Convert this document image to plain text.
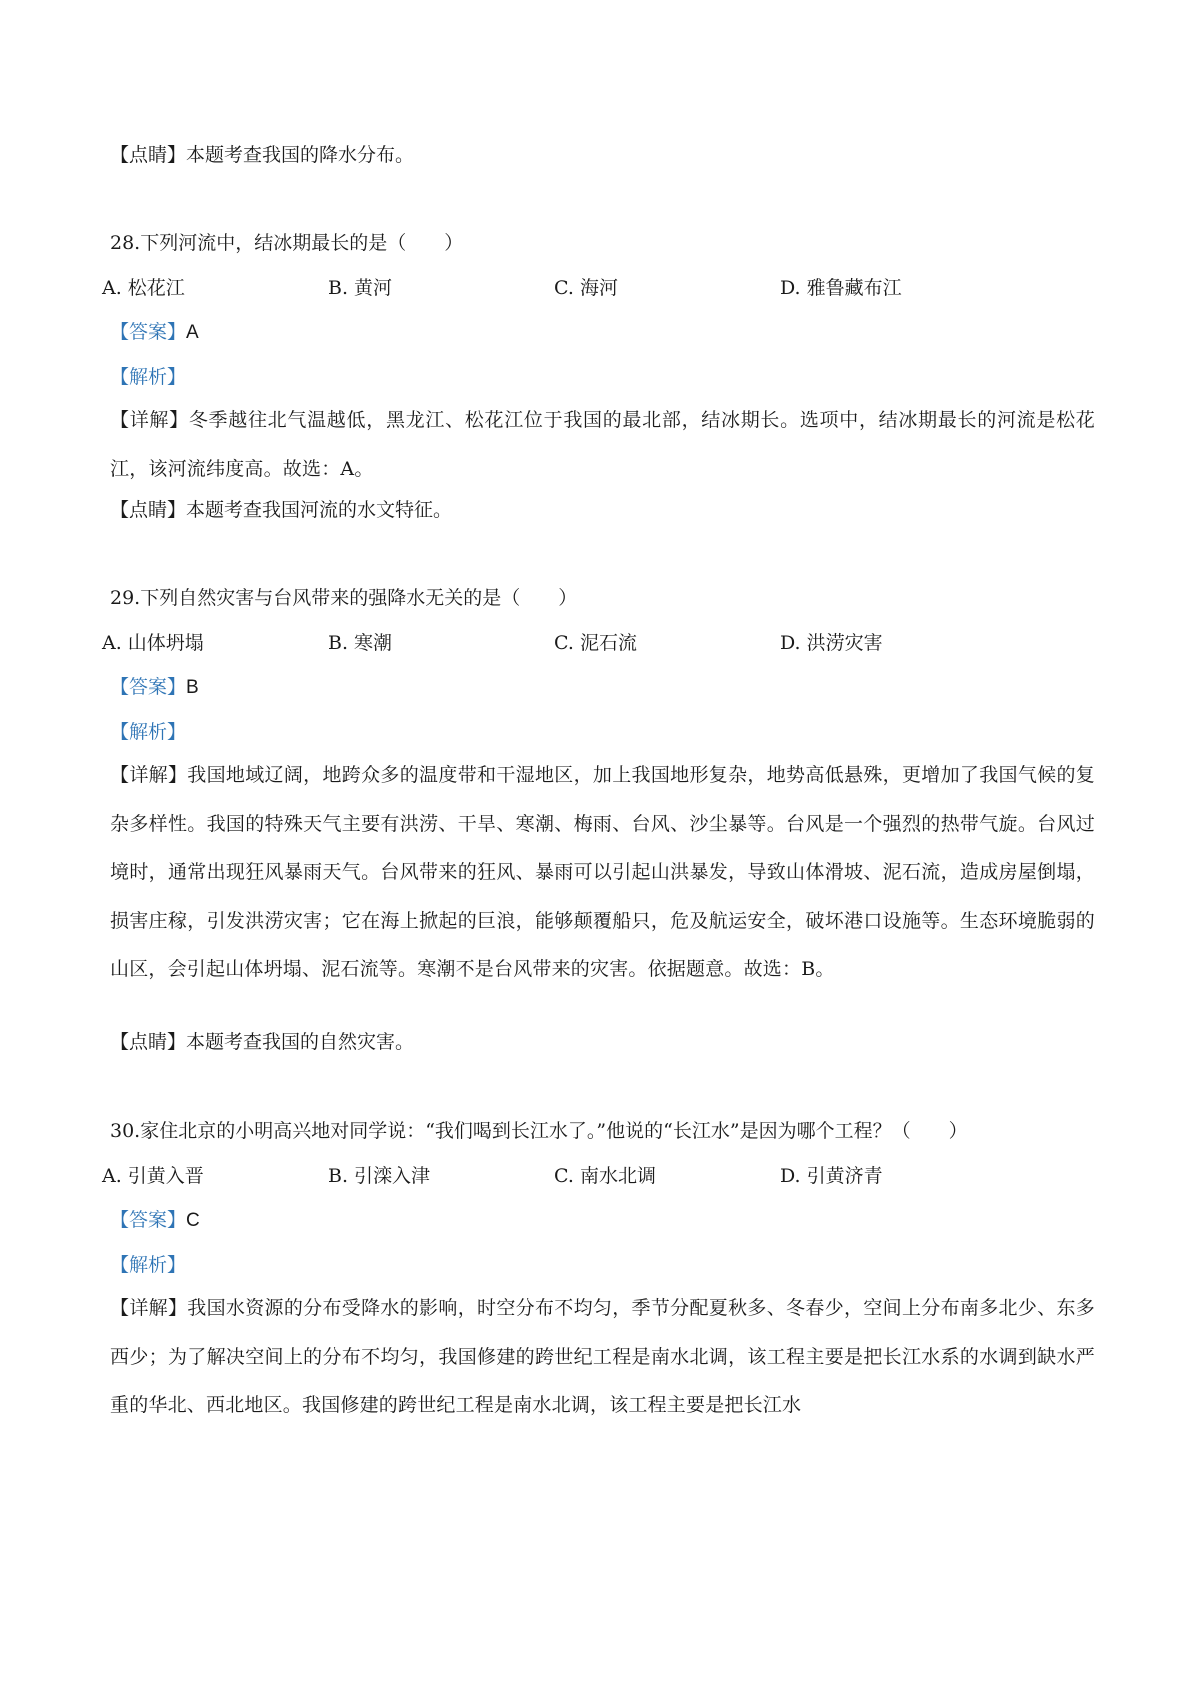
【点睛】本题考查我国的降水分布。
28.下列河流中，结冰期最长的是（　　）
A. 松花江	B. 黄河	C. 海河	D. 雅鲁藏布江
【答案】A
【解析】
【详解】冬季越往北气温越低，黑龙江、松花江位于我国的最北部，结冰期长。选项中，结冰期最长的河流是松花江，该河流纬度高。故选：A。
【点睛】本题考查我国河流的水文特征。
29.下列自然灾害与台风带来的强降水无关的是（　　）
A. 山体坍塌	B. 寒潮	C. 泥石流	D. 洪涝灾害
【答案】B
【解析】
【详解】我国地域辽阔，地跨众多的温度带和干湿地区，加上我国地形复杂，地势高低悬殊，更增加了我国气候的复杂多样性。我国的特殊天气主要有洪涝、干旱、寒潮、梅雨、台风、沙尘暴等。台风是一个强烈的热带气旋。台风过境时，通常出现狂风暴雨天气。台风带来的狂风、暴雨可以引起山洪暴发，导致山体滑坡、泥石流，造成房屋倒塌，损害庄稼，引发洪涝灾害；它在海上掀起的巨浪，能够颠覆船只，危及航运安全，破坏港口设施等。生态环境脆弱的山区，会引起山体坍塌、泥石流等。寒潮不是台风带来的灾害。依据题意。故选：B。
【点睛】本题考查我国的自然灾害。
30.家住北京的小明高兴地对同学说：“我们喝到长江水了。”他说的“长江水”是因为哪个工程？（　　）
A. 引黄入晋	B. 引滦入津	C. 南水北调	D. 引黄济青
【答案】C
【解析】
【详解】我国水资源的分布受降水的影响，时空分布不均匀，季节分配夏秋多、冬春少，空间上分布南多北少、东多西少；为了解决空间上的分布不均匀，我国修建的跨世纪工程是南水北调，该工程主要是把长江水系的水调到缺水严重的华北、西北地区。我国修建的跨世纪工程是南水北调，该工程主要是把长江水
